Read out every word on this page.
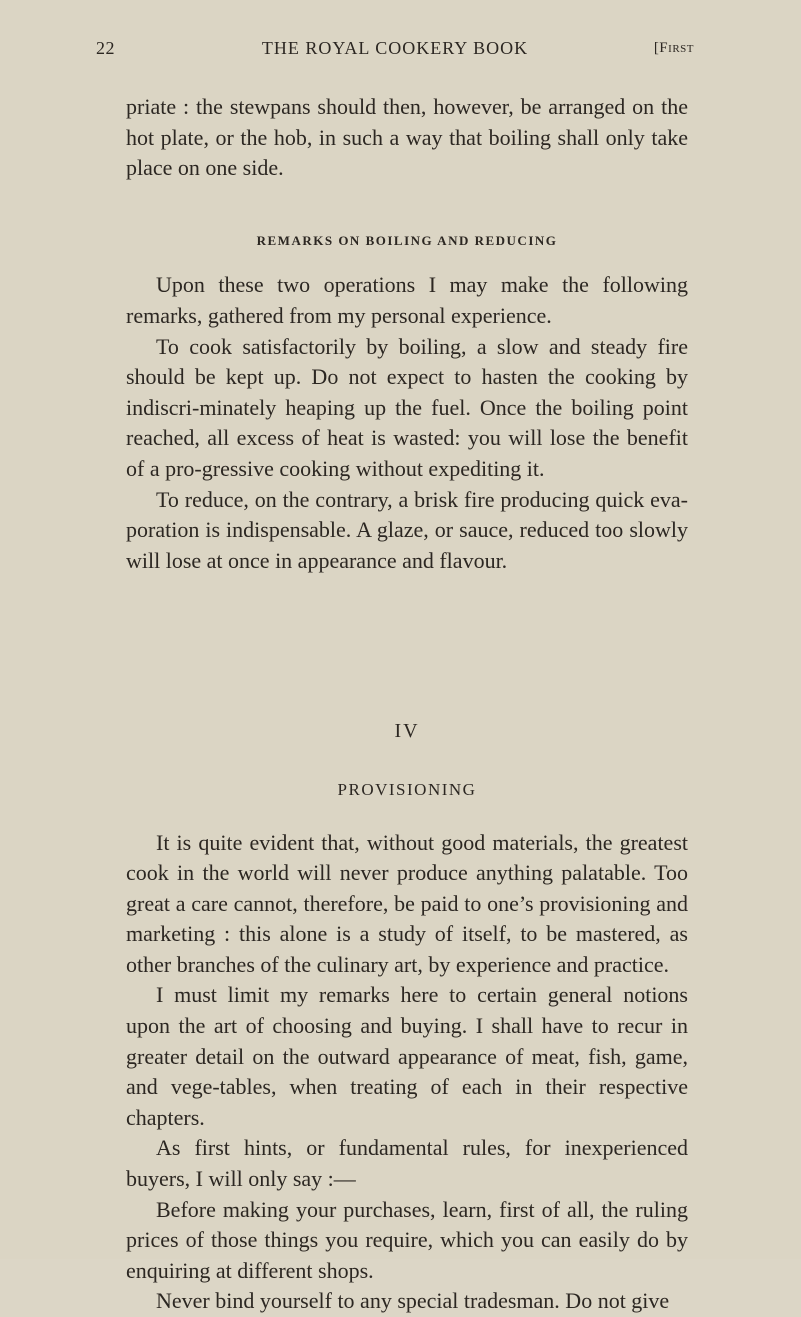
22	THE ROYAL COOKERY BOOK	[First

priate : the stewpans should then, however, be arranged on the hot plate, or the hob, in such a way that boiling shall only take place on one side.

REMARKS ON BOILING AND REDUCING

Upon these two operations I may make the following remarks, gathered from my personal experience.

To cook satisfactorily by boiling, a slow and steady fire should be kept up. Do not expect to hasten the cooking by indiscri-minately heaping up the fuel. Once the boiling point reached, all excess of heat is wasted: you will lose the benefit of a pro-gressive cooking without expediting it.

To reduce, on the contrary, a brisk fire producing quick eva-poration is indispensable. A glaze, or sauce, reduced too slowly will lose at once in appearance and flavour.

IV
PROVISIONING

It is quite evident that, without good materials, the greatest cook in the world will never produce anything palatable. Too great a care cannot, therefore, be paid to one’s provisioning and marketing : this alone is a study of itself, to be mastered, as other branches of the culinary art, by experience and practice.

I must limit my remarks here to certain general notions upon the art of choosing and buying. I shall have to recur in greater detail on the outward appearance of meat, fish, game, and vege-tables, when treating of each in their respective chapters.

As first hints, or fundamental rules, for inexperienced buyers, I will only say :—

Before making your purchases, learn, first of all, the ruling prices of those things you require, which you can easily do by enquiring at different shops.

Never bind yourself to any special tradesman. Do not give
